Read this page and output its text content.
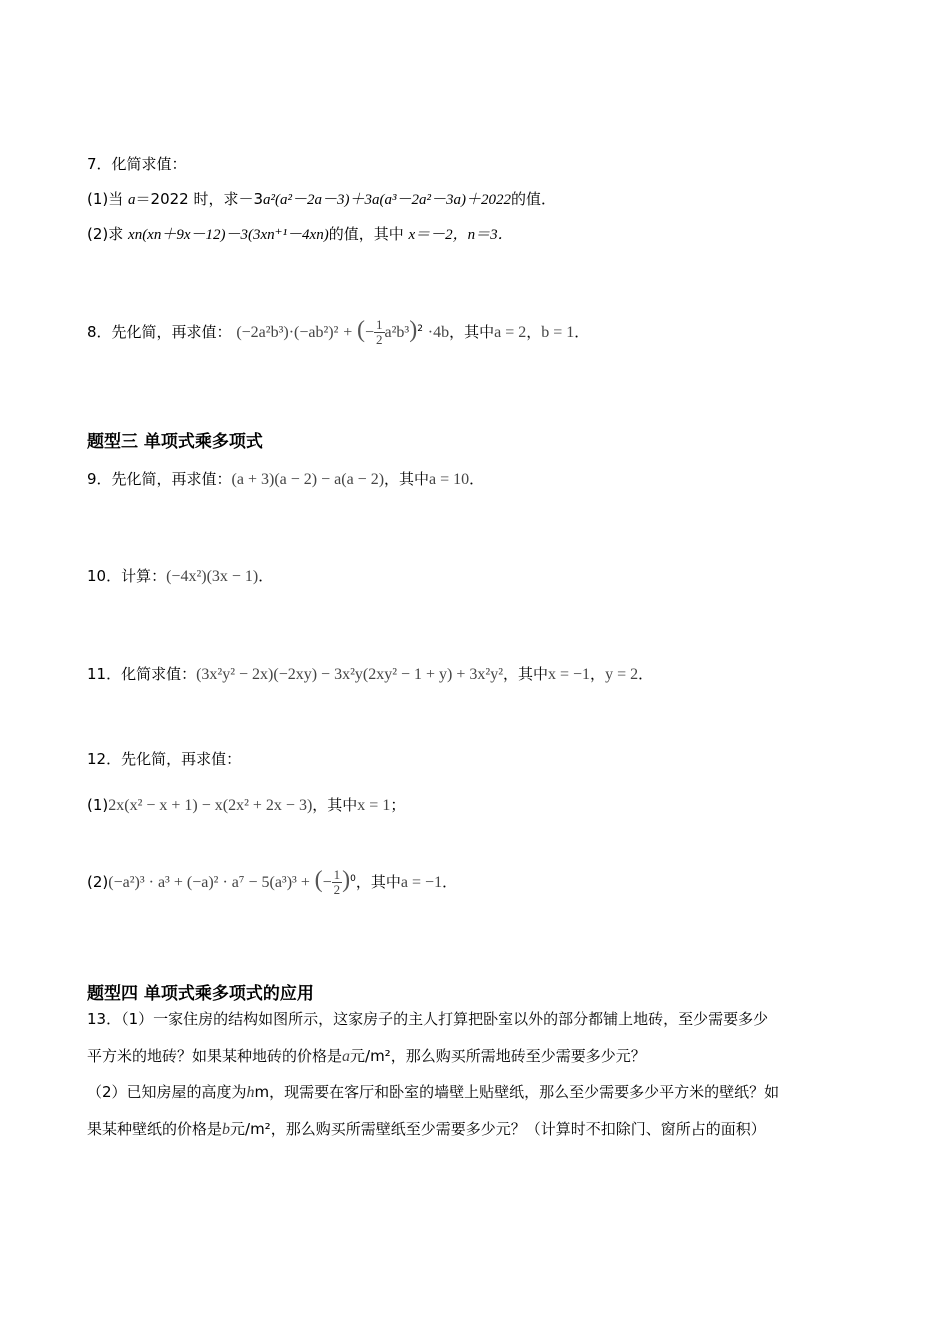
7．化简求值：
(1)当 a＝2022 时，求－3a²(a²－2a－3)＋3a(a³－2a²－3a)＋2022的值．
(2)求 xn(xn＋9x－12)－3(3xn⁺¹－4xn)的值，其中 x＝－2，n＝3．
8．先化简，再求值： (−2a²b³)·(−ab²)² + (− $\frac{1}{2} a^2b^3)^2 \cdot 4b$，其中a = 2，b = 1．
题型三 单项式乘多项式
9．先化简，再求值：(a + 3)(a − 2) − a(a − 2)，其中a = 10．
10．计算：(−4x²)(3x − 1)．
11．化简求值：(3x²y² − 2x)(−2xy) − 3x²y(2xy² − 1 + y) + 3x²y²，其中x = −1，y = 2．
12．先化简，再求值：
(1)2x(x² − x + 1) − x(2x² + 2x − 3)，其中x = 1；
(2)(−a²)³ · a³ + (−a)² · a⁷ − 5(a³)³ + (− $\frac{1}{2} )^0$，其中a = −1．
题型四 单项式乘多项式的应用
13．（1）一家住房的结构如图所示，这家房子的主人打算把卧室以外的部分都铺上地砖，至少需要多少
平方米的地砖？如果某种地砖的价格是a元/m²，那么购买所需地砖至少需要多少元？
（2）已知房屋的高度为hm，现需要在客厅和卧室的墙壁上贴壁纸，那么至少需要多少平方米的壁纸？如
果某种壁纸的价格是b元/m²，那么购买所需壁纸至少需要多少元？（计算时不扣除门、窗所占的面积）
